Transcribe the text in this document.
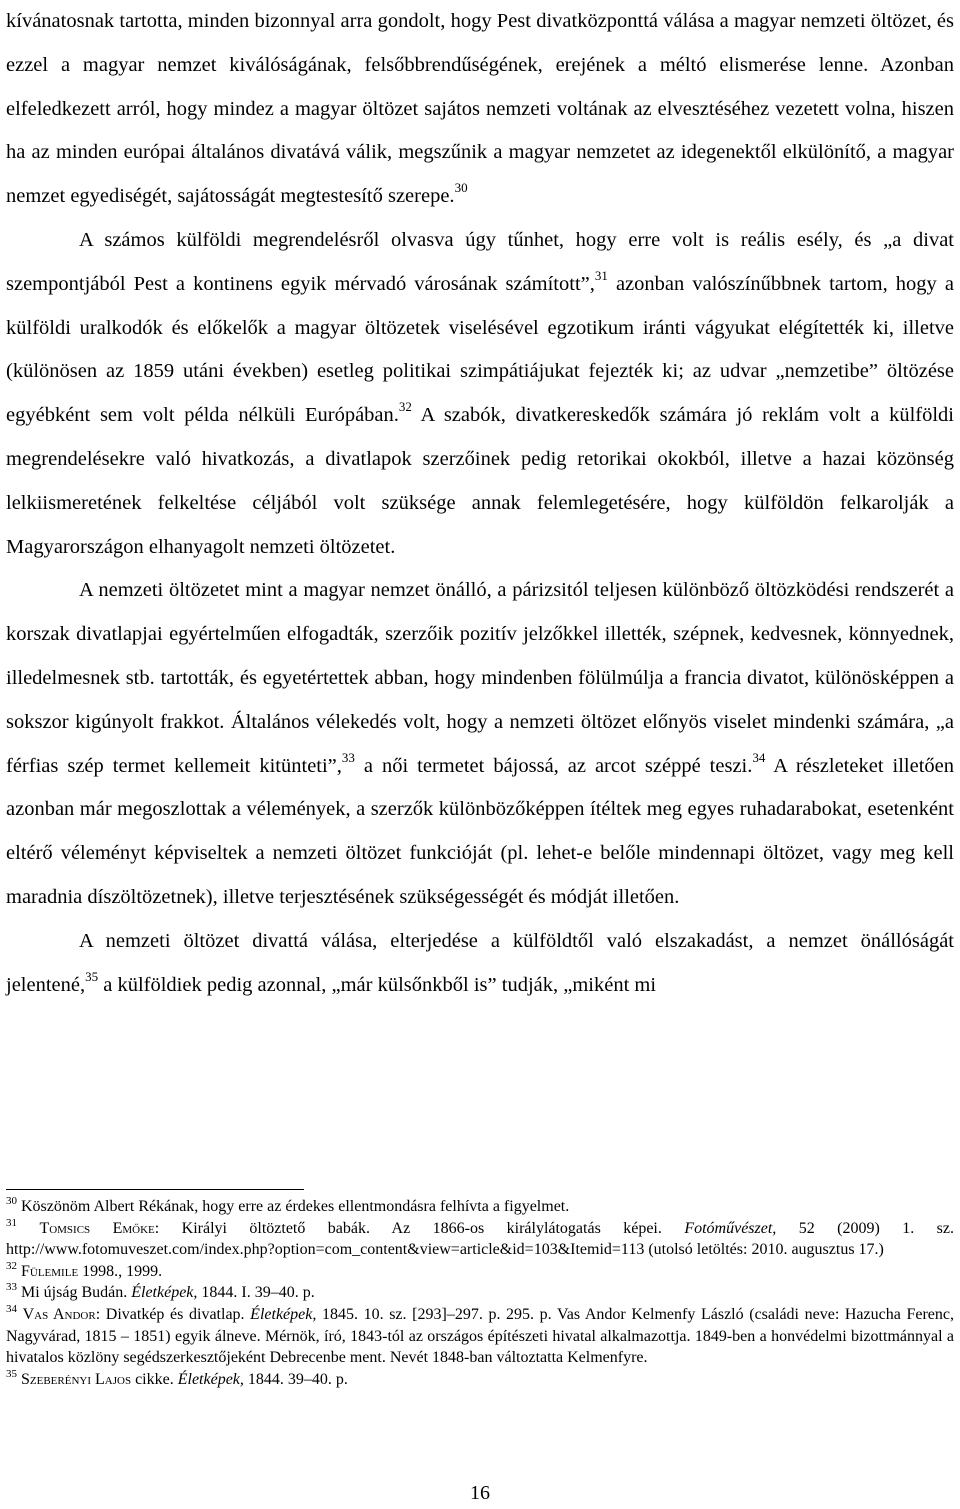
kívánatosnak tartotta, minden bizonnyal arra gondolt, hogy Pest divatközponttá válása a magyar nemzeti öltözet, és ezzel a magyar nemzet kiválóságának, felsőbbrendűségének, erejének a méltó elismerése lenne. Azonban elfeledkezett arról, hogy mindez a magyar öltözet sajátos nemzeti voltának az elvesztéséhez vezetett volna, hiszen ha az minden európai általános divatává válik, megszűnik a magyar nemzetet az idegenektől elkülönítő, a magyar nemzet egyediségét, sajátosságát megtestesítő szerepe.$^{30}$

A számos külföldi megrendelésről olvasva úgy tűnhet, hogy erre volt is reális esély, és „a divat szempontjából Pest a kontinens egyik mérvadó városának számított”,$^{31}$ azonban valószínűbbnek tartom, hogy a külföldi uralkodók és előkelők a magyar öltözetek viselésével egzotikum iránti vágyukat elégítették ki, illetve (különösen az 1859 utáni években) esetleg politikai szimpátiájukat fejezték ki; az udvar „nemzetibe” öltözése egyébként sem volt példa nélküli Európában.$^{32}$ A szabók, divatkereskedők számára jó reklám volt a külföldi megrendelésekre való hivatkozás, a divatlapok szerzőinek pedig retorikai okokból, illetve a hazai közönség lelkiismeretének felkeltése céljából volt szüksége annak felemlegetésére, hogy külföldön felkarolják a Magyarországon elhanyagolt nemzeti öltözetet.

A nemzeti öltözetet mint a magyar nemzet önálló, a párizsitól teljesen különböző öltözködési rendszerét a korszak divatlapjai egyértelműen elfogadták, szerzőik pozitív jelzőkkel illették, szépnek, kedvesnek, könnyednek, illedelmesnek stb. tartották, és egyetértettek abban, hogy mindenben fölülmúlja a francia divatot, különösképpen a sokszor kigúnyolt frakkot. Általános vélekedés volt, hogy a nemzeti öltözet előnyös viselet mindenki számára, „a férfias szép termet kellemeit kitünteti”,$^{33}$ a női termetet bájossá, az arcot széppé teszi.$^{34}$ A részleteket illetően azonban már megoszlottak a vélemények, a szerzők különbözőképpen ítéltek meg egyes ruhadarabokat, esetenként eltérő véleményt képviseltek a nemzeti öltözet funkcióját (pl. lehet-e belőle mindennapi öltözet, vagy meg kell maradnia díszöltözetnek), illetve terjesztésének szükségességét és módját illetően.

A nemzeti öltözet divattá válása, elterjedése a külföldtől való elszakadást, a nemzet önállóságát jelentené,$^{35}$ a külföldiek pedig azonnal, „már külsőnkből is” tudják, „miként mi

$^{30}$ Köszönöm Albert Rékának, hogy erre az érdekes ellentmondásra felhívta a figyelmet.

$^{31}$ Tomsics Emőke: Királyi öltöztető babák. Az 1866-os királylátogatás képei. Fotóművészet, 52 (2009) 1. sz. http://www.fotomuveszet.com/index.php?option=com_content&view=article&id=103&Itemid=113 (utolsó letöltés: 2010. augusztus 17.)

$^{32}$ Fülemile 1998., 1999.

$^{33}$ Mi újság Budán. Életképek, 1844. I. 39–40. p.

$^{34}$ Vas Andor: Divatkép és divatlap. Életképek, 1845. 10. sz. [293]–297. p. 295. p. Vas Andor Kelmenfy László (családi neve: Hazucha Ferenc, Nagyvárad, 1815 – 1851) egyik álneve. Mérnök, író, 1843-tól az országos építészeti hivatal alkalmazottja. 1849-ben a honvédelmi bizottmánnyal a hivatalos közlöny segédszerkesztőjeként Debrecenbe ment. Nevét 1848-ban változtatta Kelmenfyre.

$^{35}$ Szeberényi Lajos cikke. Életképek, 1844. 39–40. p.

16
